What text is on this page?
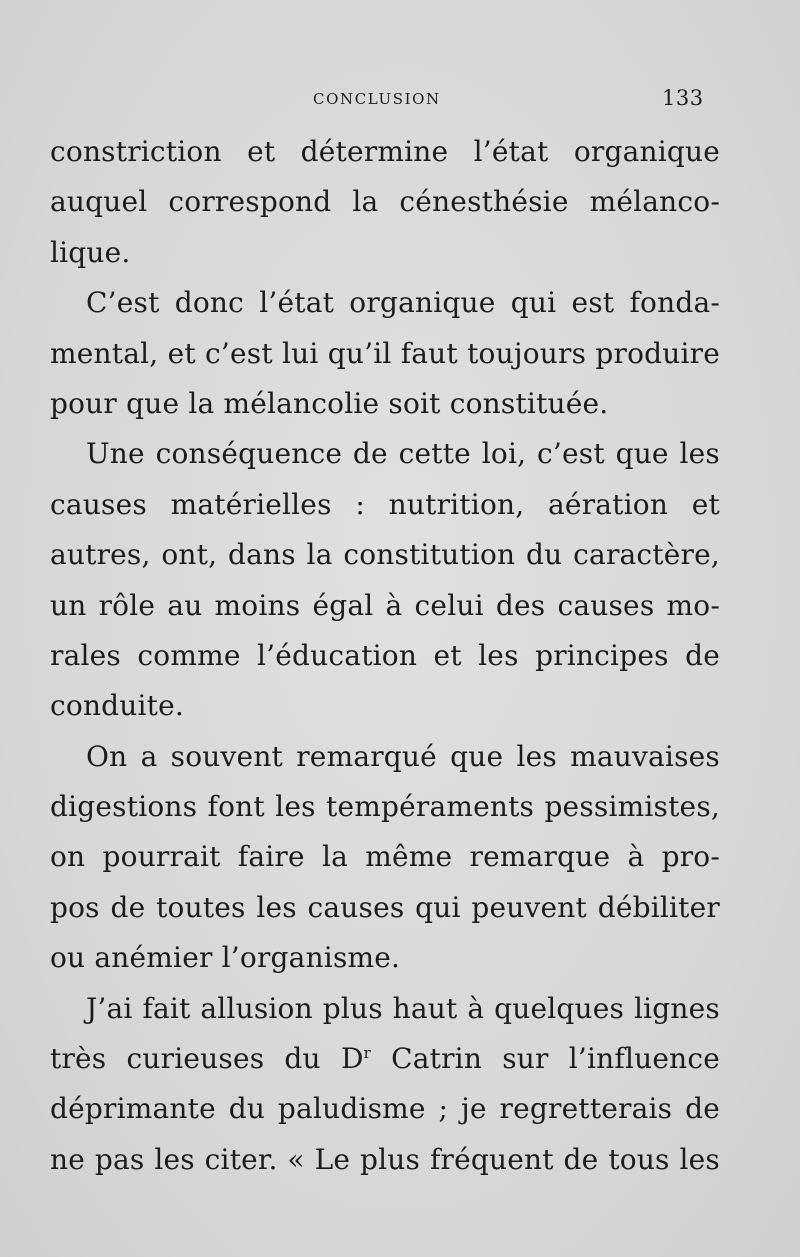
CONCLUSION	133
constriction et détermine l’état organique
auquel correspond la cénesthésie mélanco-
lique.
C’est donc l’état organique qui est fonda-
mental, et c’est lui qu’il faut toujours produire
pour que la mélancolie soit constituée.
Une conséquence de cette loi, c’est que les
causes matérielles : nutrition, aération et
autres, ont, dans la constitution du caractère,
un rôle au moins égal à celui des causes mo-
rales comme l’éducation et les principes de
conduite.
On a souvent remarqué que les mauvaises
digestions font les tempéraments pessimistes,
on pourrait faire la même remarque à pro-
pos de toutes les causes qui peuvent débiliter
ou anémier l’organisme.
J’ai fait allusion plus haut à quelques lignes
très curieuses du $D^r$ Catrin sur l’influence
déprimante du paludisme ; je regretterais de
ne pas les citer. « Le plus fréquent de tous les
